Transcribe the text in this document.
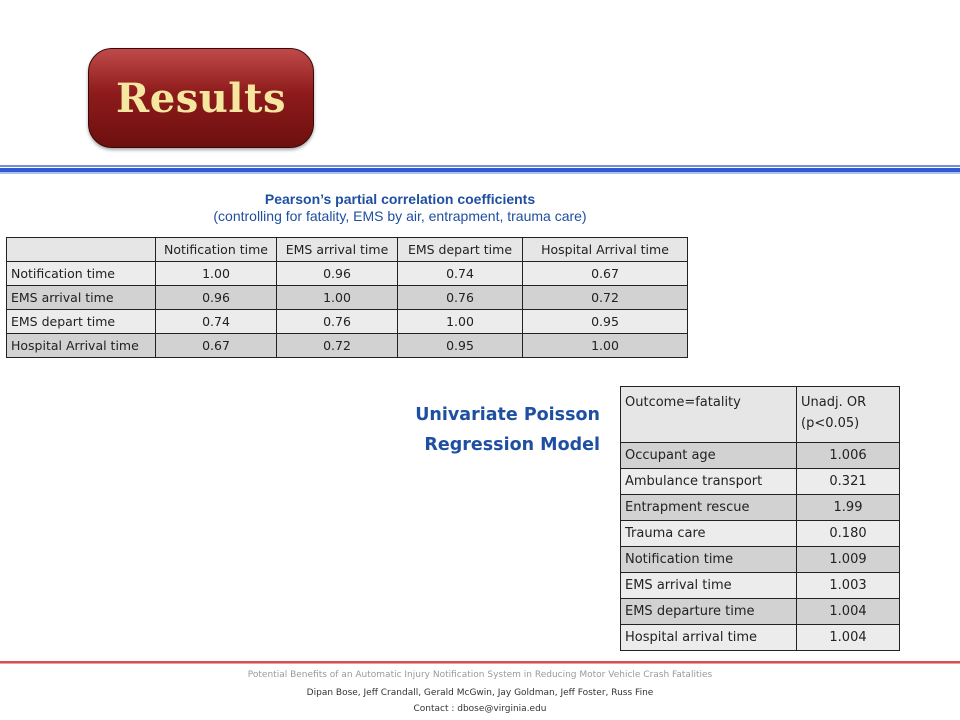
Results
Pearson’s partial correlation coefficients
(controlling for fatality, EMS by air, entrapment, trauma care)
	Notification time	EMS arrival time	EMS depart time	Hospital Arrival time
Notification time	1.00	0.96	0.74	0.67
EMS arrival time	0.96	1.00	0.76	0.72
EMS depart time	0.74	0.76	1.00	0.95
Hospital Arrival time	0.67	0.72	0.95	1.00
Univariate Poisson
Regression Model
Outcome=fatality	Unadj. OR (p<0.05)
Occupant age	1.006
Ambulance transport	0.321
Entrapment rescue	1.99
Trauma care	0.180
Notification time	1.009
EMS arrival time	1.003
EMS departure time	1.004
Hospital arrival time	1.004
Potential Benefits of an Automatic Injury Notification System in Reducing Motor Vehicle Crash Fatalities
Dipan Bose, Jeff Crandall, Gerald McGwin, Jay Goldman, Jeff Foster, Russ Fine
Contact : dbose@virginia.edu
